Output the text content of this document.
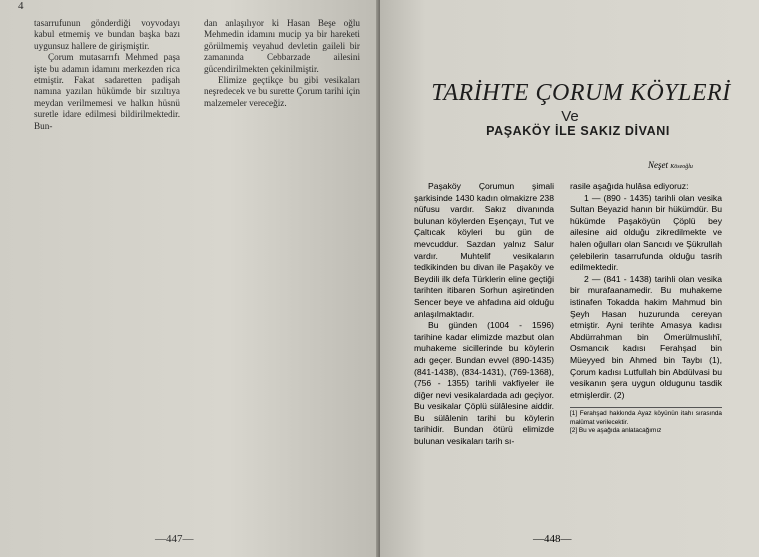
4

tasarrufunun gönderdiği voyvodayı kabul etmemiş ve bundan başka bazı uygunsuz hallere de girişmiştir.

Çorum mutasarrıfı Mehmed paşa işte bu adamın idamını merkezden rica etmiştir. Fakat sadaretten padişah namına yazılan hükümde bir sızıltıya meydan verilmemesi ve halkın hüsnü suretle idare edilmesi bildirilmektedir. Bun-

dan anlaşılıyor ki Hasan Beşe oğlu Mehmedin idamını mucip ya bir hareketi görülmemiş veyahud devletin gaileli bir zamanında Cebbarzade ailesini gücendirilmekten çekinilmiştir.

Elimize geçtikçe bu gibi vesikaları neşredecek ve bu surette Çorum tarihi için malzemeler vereceğiz.

—447—
TARİHTE ÇORUM KÖYLERİ
Ve
PAŞAKÖY İLE SAKIZ DİVANI
Neşet Köseoğlu

Paşaköy Çorumun şimali şarkisinde 1430 kadın olmakizre 238 nüfusu vardır. Sakız divanında bulunan köylerden Eşençayı, Tut ve Çaltıcak köyleri bu gün de mevcuddur. Sazdan yalnız Salur vardır. Muhtelif vesikaların tedkikinden bu divan ile Paşaköy ve Beydili ilk defa Türklerin eline geçtiği tarihten itibaren Sorhun aşiretinden Sencer beye ve ahfadına aid olduğu anlaşılmaktadır.

Bu günden (1004 - 1596) tarihine kadar elimizde mazbut olan muhakeme sicillerinde bu köylerin adı geçer. Bundan evvel (890-1435) (841-1438), (834-1431), (769-1368), (756 - 1355) tarihli vakfiyeler ile diğer nevi vesikalardada adı geçiyor. Bu vesikalar Çöplü sülâlesine aiddir. Bu sülâlenin tarihi bu köylerin tarihidir. Bundan ötürü elimizde bulunan vesikaları tarih sı-

rasile aşağıda hulâsa ediyoruz:

1 — (890 - 1435) tarihli olan vesika Sultan Beyazid hanın bir hükümdür. Bu hükümde Paşaköyün Çöplü bey ailesine aid olduğu zikredilmekte ve halen oğulları olan Sancıdı ve Şükrullah çelebilerin tasarrufunda olduğu tasrih edilmektedir.

2 — (841 - 1438) tarihli olan vesika bir murafaanamedir. Bu muhakeme istinafen Tokadda hakim Mahmud bin Şeyh Hasan huzurunda cereyan etmiştir. Ayni terihte Amasya kadısı Abdürrahman bin Ömerülmuslıhî, Osmancık kadısı Ferahşad bin Müeyyed bin Ahmed bin Taybı (1), Çorum kadısı Lutfullah bin Abdülvasi bu vesikanın şera uygun oldugunu tasdik etmişlerdir. (2)

[1] Ferahşad hakkında Ayaz köyünün itahı sırasında malûmat verilecektir.
[2] Bu ve aşağıda anlatacağımız
—448—
